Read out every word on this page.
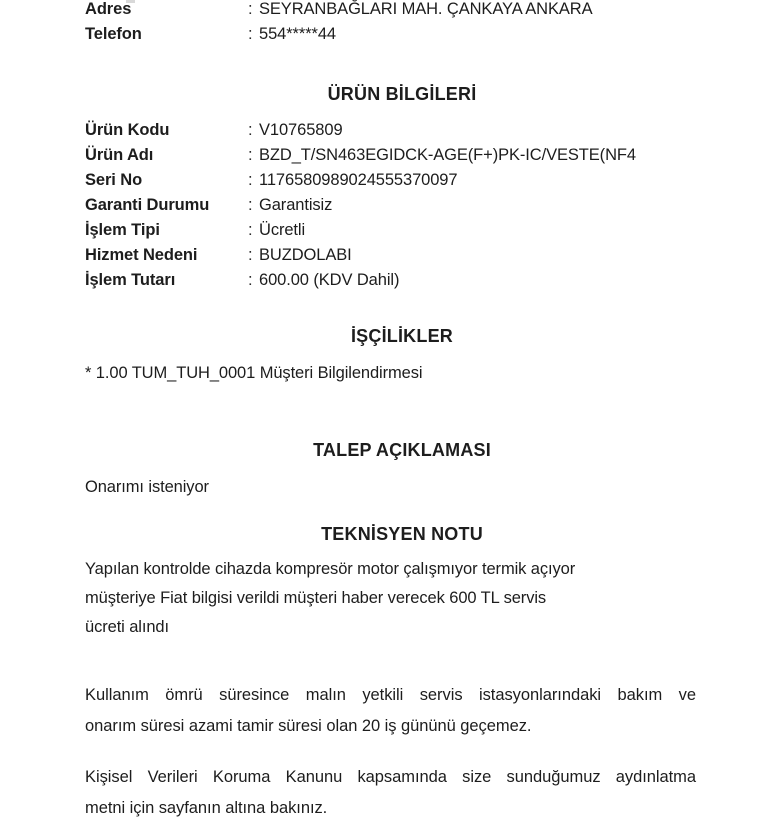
Adres	: SEYRANBAĞLARI MAH. ÇANKAYA ANKARA
Telefon	: 554*****44
ÜRÜN BİLGİLERİ
Ürün Kodu	: V10765809
Ürün Adı	: BZD_T/SN463EGIDCK-AGE(F+)PK-IC/VESTE(NF4
Seri No	: 1176580989024555370097
Garanti Durumu	: Garantisiz
İşlem Tipi	: Ücretli
Hizmet Nedeni	: BUZDOLABI
İşlem Tutarı	: 600.00 (KDV Dahil)
İŞÇİLİKLER
* 1.00 TUM_TUH_0001 Müşteri Bilgilendirmesi
TALEP AÇIKLAMASI
Onarımı isteniyor
TEKNİSYEN NOTU
Yapılan kontrolde cihazda kompresör motor çalışmıyor termik açıyor
müşteriye Fiat bilgisi verildi müşteri haber verecek 600 TL servis
ücreti alındı
Kullanım ömrü süresince malın yetkili servis istasyonlarındaki bakım ve
onarım süresi azami tamir süresi olan 20 iş gününü geçemez.
Kişisel Verileri Koruma Kanunu kapsamında size sunduğumuz aydınlatma
metni için sayfanın altına bakınız.
